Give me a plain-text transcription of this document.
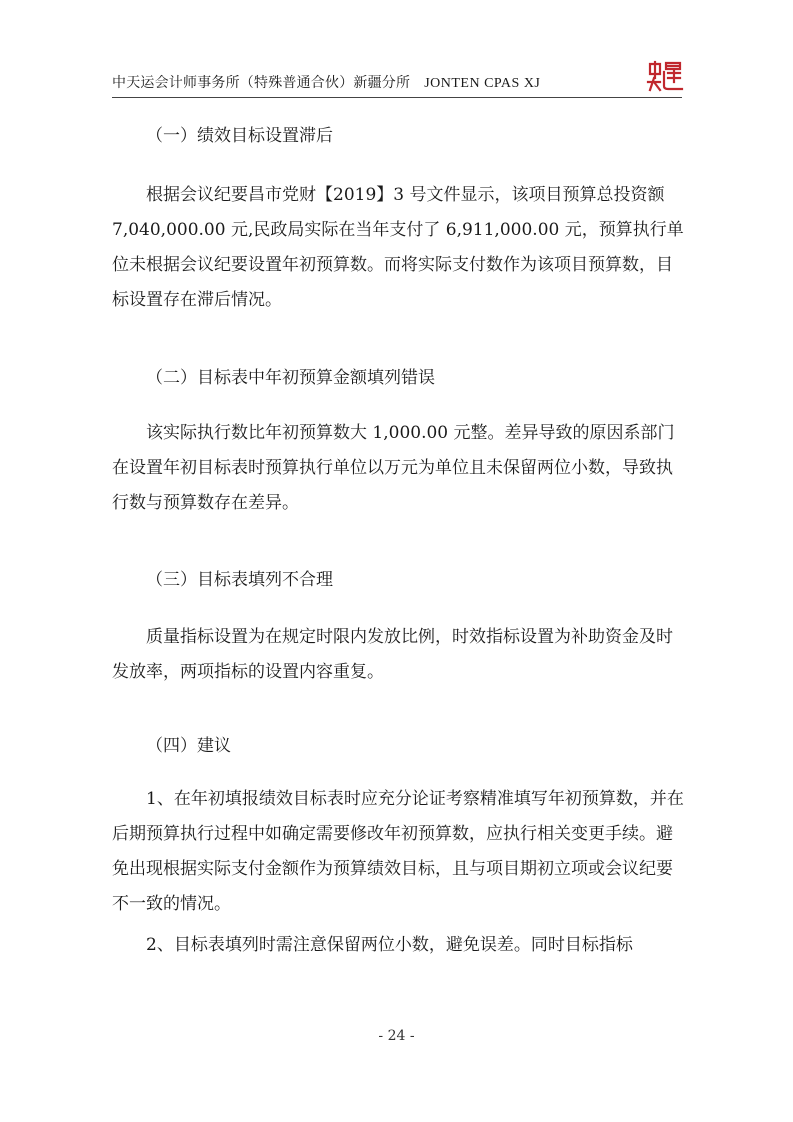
中天运会计师事务所（特殊普通合伙）新疆分所 JONTEN CPAS XJ

（一）绩效目标设置滞后

根据会议纪要昌市党财【2019】3 号文件显示，该项目预算总投资额 7,040,000.00 元,民政局实际在当年支付了 6,911,000.00 元，预算执行单位未根据会议纪要设置年初预算数。而将实际支付数作为该项目预算数，目标设置存在滞后情况。

（二）目标表中年初预算金额填列错误

该实际执行数比年初预算数大 1,000.00 元整。差异导致的原因系部门在设置年初目标表时预算执行单位以万元为单位且未保留两位小数，导致执行数与预算数存在差异。

（三）目标表填列不合理

质量指标设置为在规定时限内发放比例，时效指标设置为补助资金及时发放率，两项指标的设置内容重复。

（四）建议

1、在年初填报绩效目标表时应充分论证考察精准填写年初预算数，并在后期预算执行过程中如确定需要修改年初预算数，应执行相关变更手续。避免出现根据实际支付金额作为预算绩效目标，且与项目期初立项或会议纪要不一致的情况。

2、目标表填列时需注意保留两位小数，避免误差。同时目标指标

- 24 -
